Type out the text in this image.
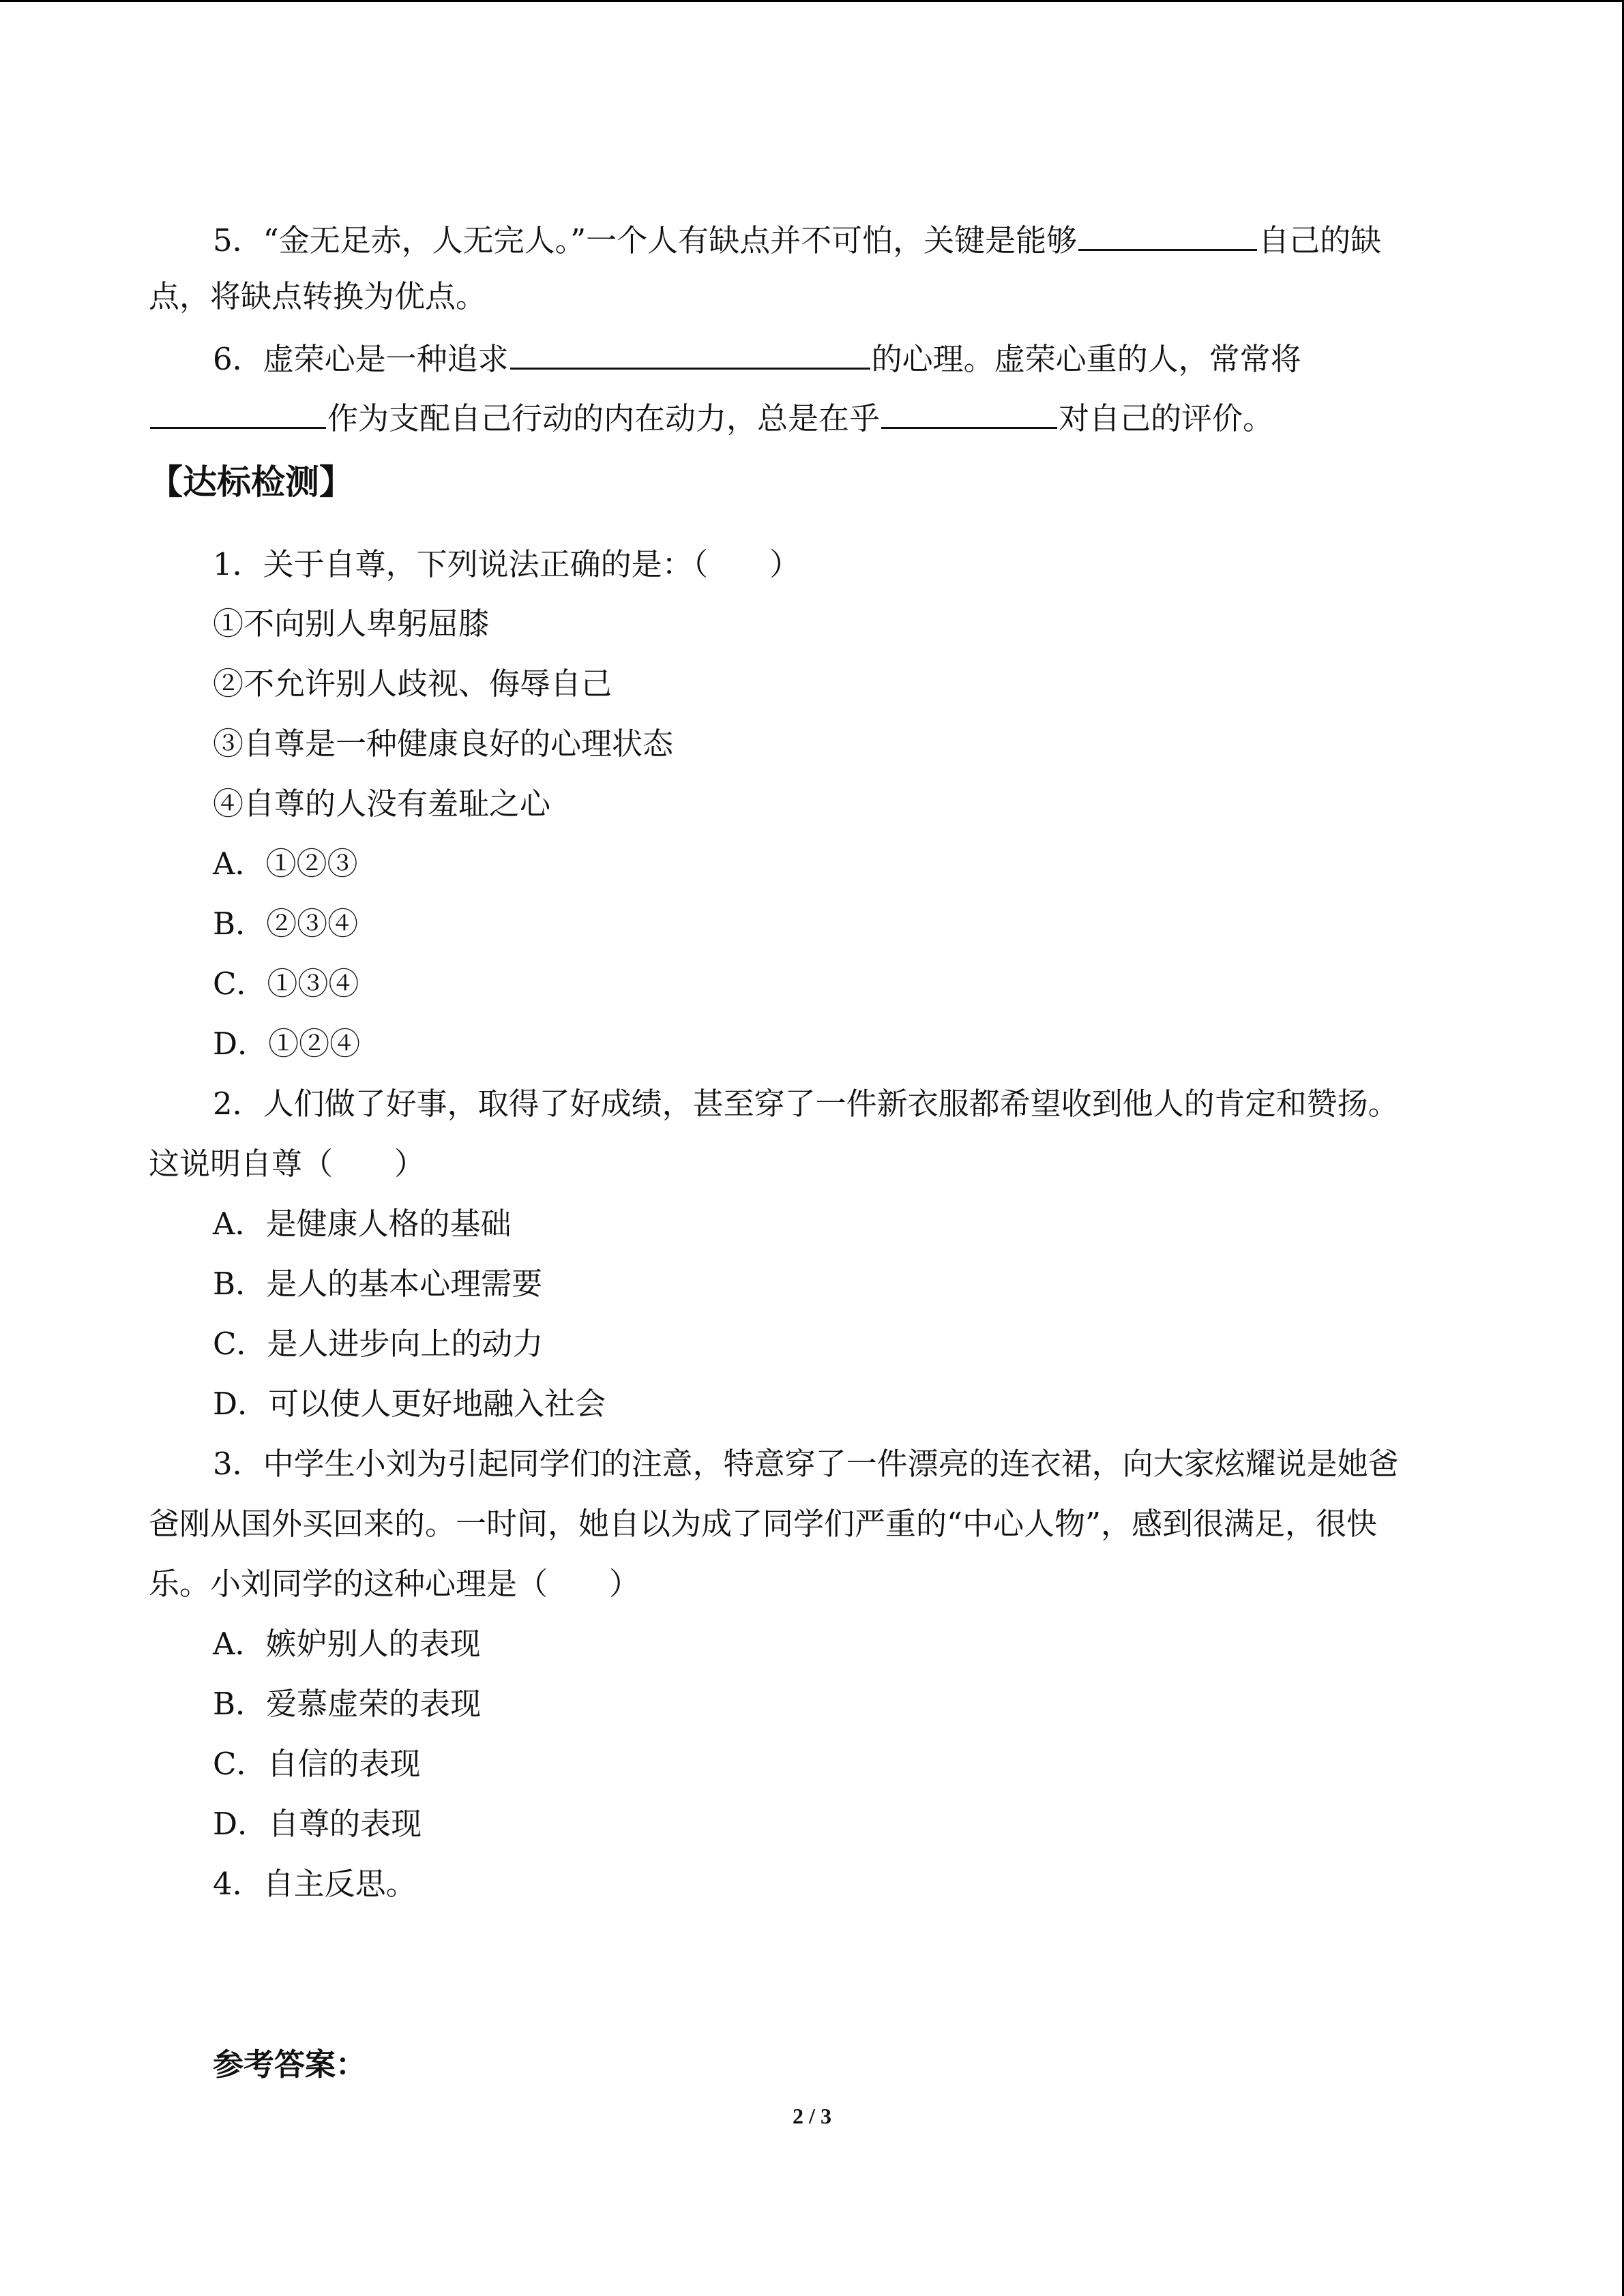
5．“金无足赤，人无完人。”一个人有缺点并不可怕，关键是能够	自己的缺
点，将缺点转换为优点。
6．虚荣心是一种追求	的心理。虚荣心重的人，常常将
作为支配自己行动的内在动力，总是在乎	对自己的评价。
【达标检测】
1．关于自尊，下列说法正确的是：（　　）
①不向别人卑躬屈膝
②不允许别人歧视、侮辱自己
③自尊是一种健康良好的心理状态
④自尊的人没有羞耻之心
A．①②③
B．②③④
C．①③④
D．①②④
2．人们做了好事，取得了好成绩，甚至穿了一件新衣服都希望收到他人的肯定和赞扬。
这说明自尊（　　）
A．是健康人格的基础
B．是人的基本心理需要
C．是人进步向上的动力
D．可以使人更好地融入社会
3．中学生小刘为引起同学们的注意，特意穿了一件漂亮的连衣裙，向大家炫耀说是她爸
爸刚从国外买回来的。一时间，她自以为成了同学们严重的“中心人物”，感到很满足，很快
乐。小刘同学的这种心理是（　　）
A．嫉妒别人的表现
B．爱慕虚荣的表现
C．自信的表现
D．自尊的表现
4．自主反思。
参考答案：
2 / 3
